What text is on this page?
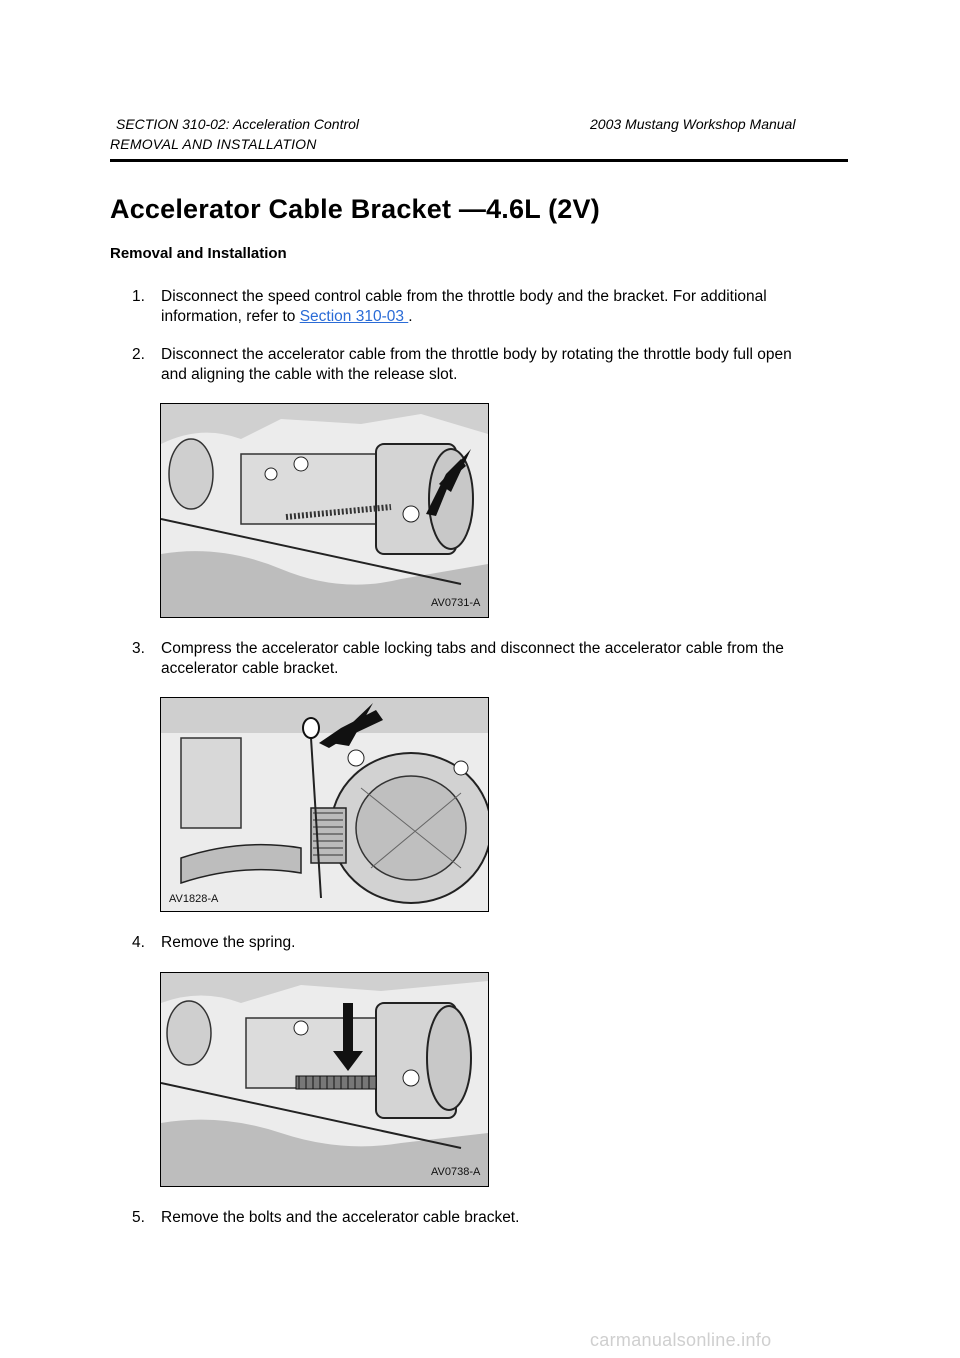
SECTION 310-02: Acceleration Control	2003 Mustang Workshop Manual
REMOVAL AND INSTALLATION
Accelerator Cable Bracket —4.6L (2V)
Removal and Installation
1. Disconnect the speed control cable from the throttle body and the bracket. For additional
information, refer to Section 310-03 .
2. Disconnect the accelerator cable from the throttle body by rotating the throttle body full open
and aligning the cable with the release slot.
AV0731-A
3. Compress the accelerator cable locking tabs and disconnect the accelerator cable from the
accelerator cable bracket.
AV1828-A
4. Remove the spring.
AV0738-A
5. Remove the bolts and the accelerator cable bracket.
carmanualsonline.info
